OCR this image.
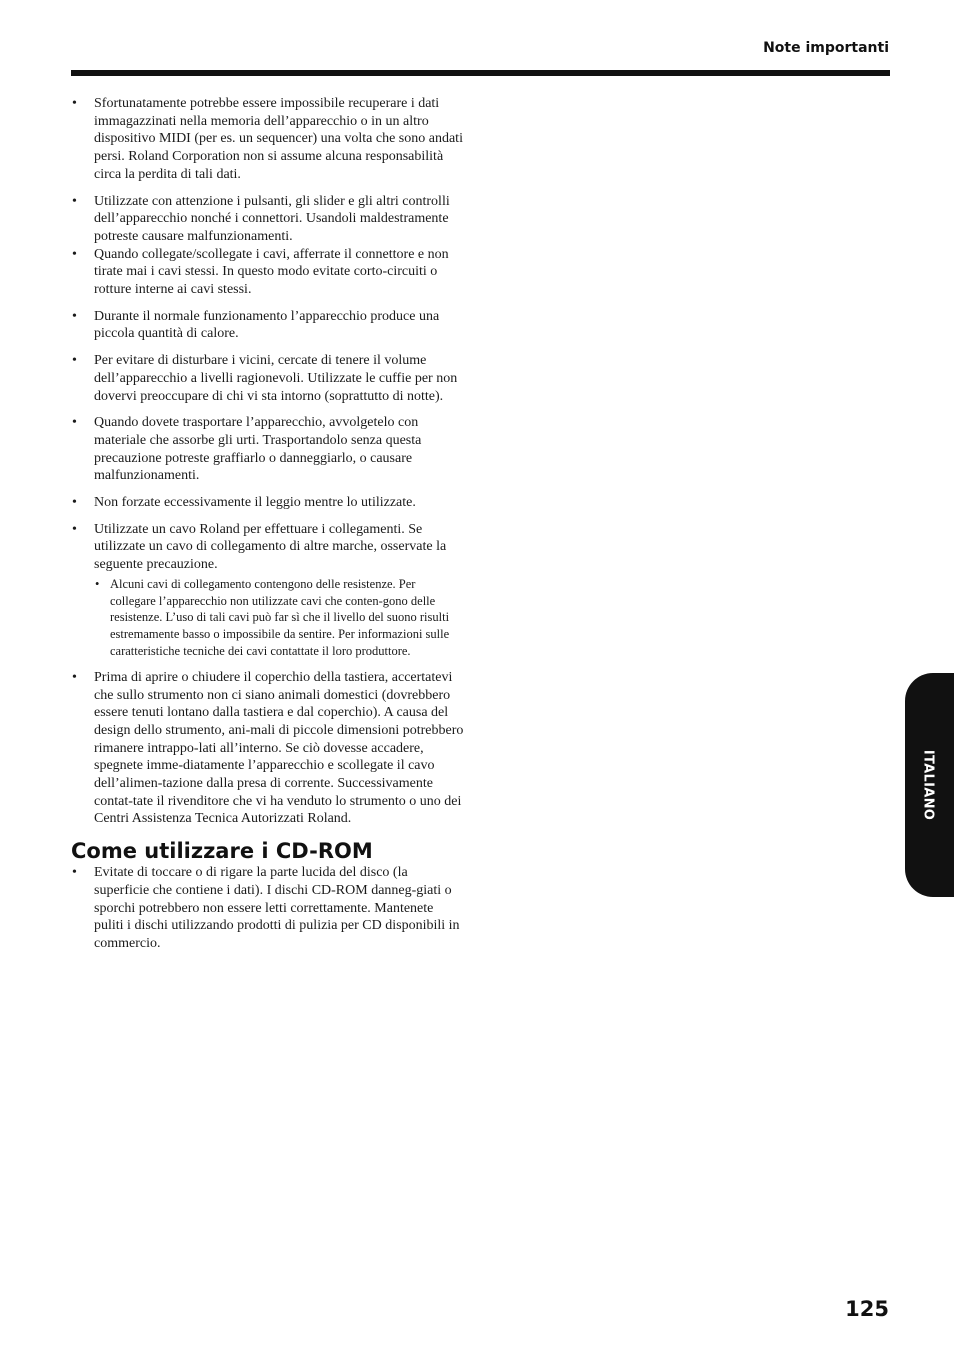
Note importanti
• Sfortunatamente potrebbe essere impossibile recuperare i dati immagazzinati nella memoria dell’apparecchio o in un altro dispositivo MIDI (per es. un sequencer) una volta che sono andati persi. Roland Corporation non si assume alcuna responsabilità circa la perdita di tali dati.
• Utilizzate con attenzione i pulsanti, gli slider e gli altri controlli dell’apparecchio nonché i connettori. Usandoli maldestramente potreste causare malfunzionamenti.
• Quando collegate/scollegate i cavi, afferrate il connettore e non tirate mai i cavi stessi. In questo modo evitate corto-circuiti o rotture interne ai cavi stessi.
• Durante il normale funzionamento l’apparecchio produce una piccola quantità di calore.
• Per evitare di disturbare i vicini, cercate di tenere il volume dell’apparecchio a livelli ragionevoli. Utilizzate le cuffie per non dovervi preoccupare di chi vi sta intorno (soprattutto di notte).
• Quando dovete trasportare l’apparecchio, avvolgetelo con materiale che assorbe gli urti. Trasportandolo senza questa precauzione potreste graffiarlo o danneggiarlo, o causare malfunzionamenti.
• Non forzate eccessivamente il leggio mentre lo utilizzate.
• Utilizzate un cavo Roland per effettuare i collegamenti. Se utilizzate un cavo di collegamento di altre marche, osservate la seguente precauzione.
• Alcuni cavi di collegamento contengono delle resistenze. Per collegare l’apparecchio non utilizzate cavi che conten-gono delle resistenze. L’uso di tali cavi può far sì che il livello del suono risulti estremamente basso o impossibile da sentire. Per informazioni sulle caratteristiche tecniche dei cavi contattate il loro produttore.
• Prima di aprire o chiudere il coperchio della tastiera, accertatevi che sullo strumento non ci siano animali domestici (dovrebbero essere tenuti lontano dalla tastiera e dal coperchio). A causa del design dello strumento, ani-mali di piccole dimensioni potrebbero rimanere intrappo-lati all’interno. Se ciò dovesse accadere, spegnete imme-diatamente l’apparecchio e scollegate il cavo dell’alimen-tazione dalla presa di corrente. Successivamente contat-tate il rivenditore che vi ha venduto lo strumento o uno dei Centri Assistenza Tecnica Autorizzati Roland.
Come utilizzare i CD-ROM
• Evitate di toccare o di rigare la parte lucida del disco (la superficie che contiene i dati). I dischi CD-ROM danneg-giati o sporchi potrebbero non essere letti correttamente. Mantenete puliti i dischi utilizzando prodotti di pulizia per CD disponibili in commercio.
ITALIANO
125
